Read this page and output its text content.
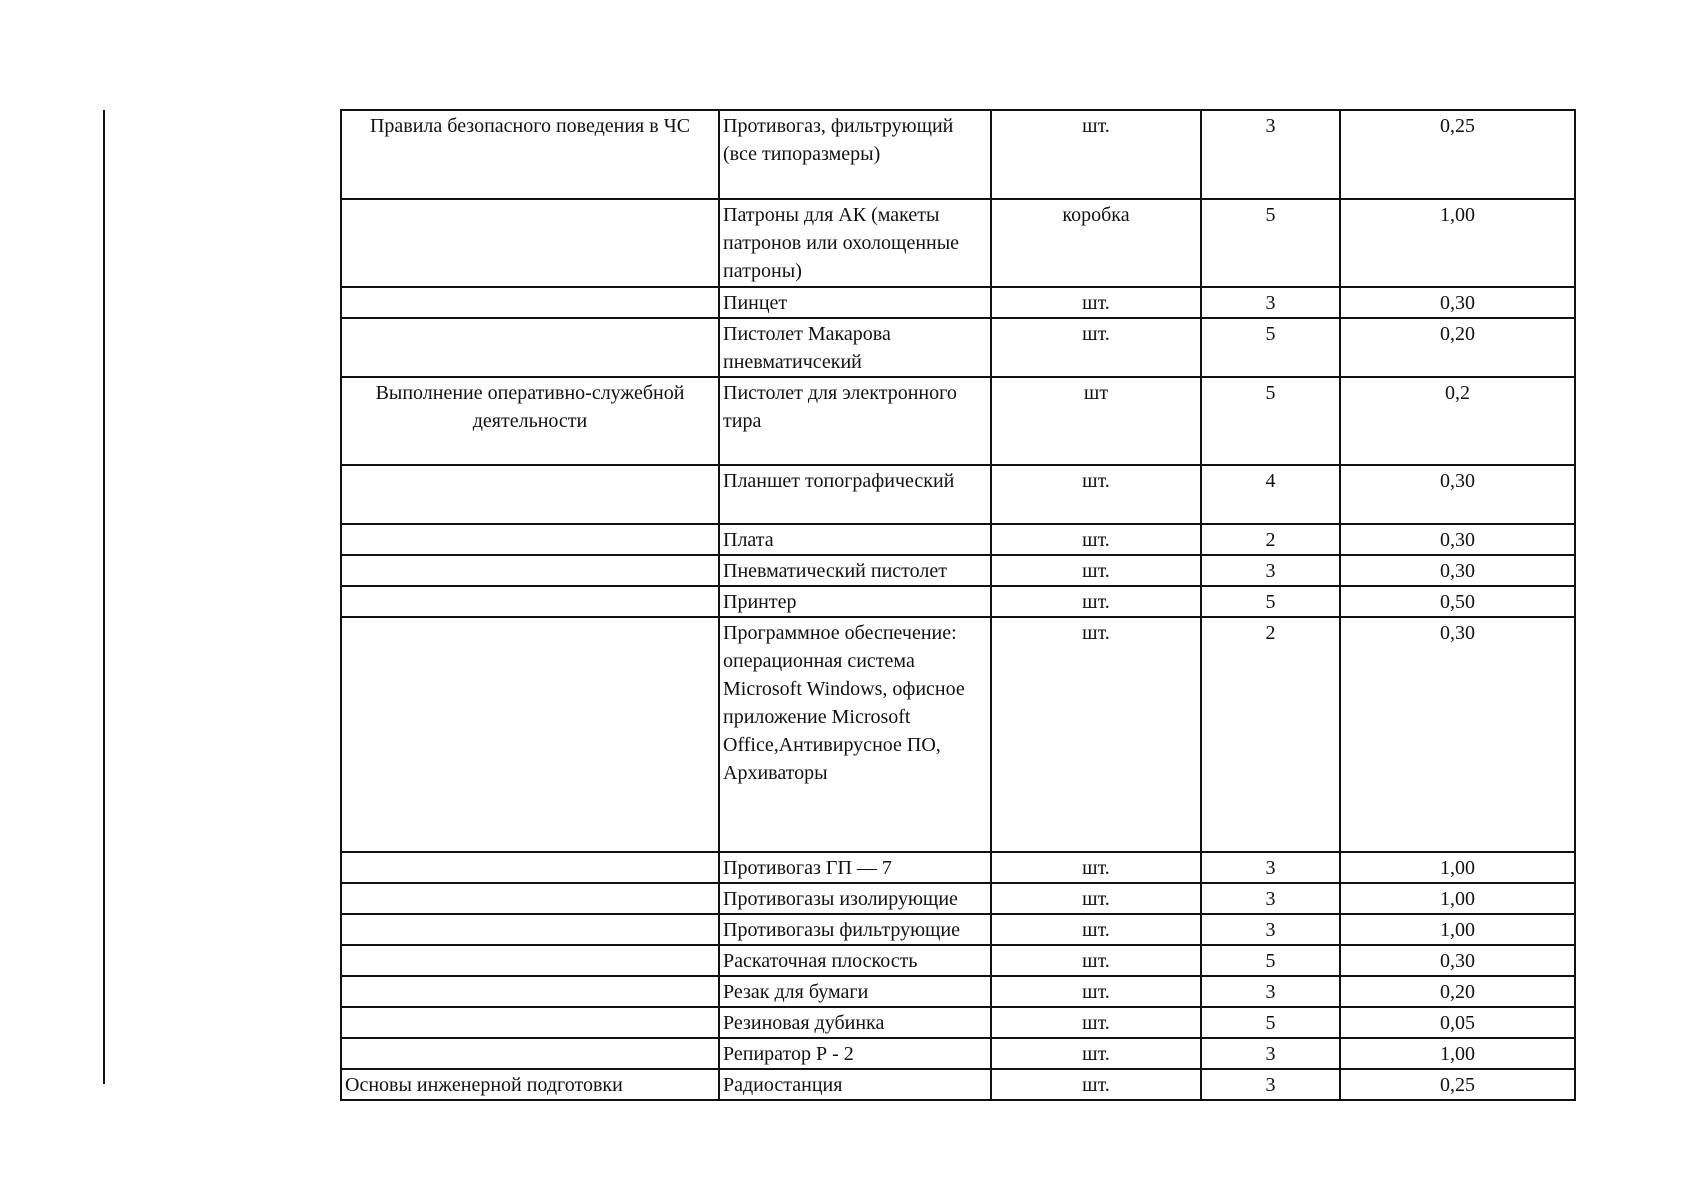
Правила безопасного поведения в ЧС	Противогаз, фильтрующий (все типоразмеры)	шт.	3	0,25
	Патроны для АК (макеты патронов или охолощенные патроны)	коробка	5	1,00
	Пинцет	шт.	3	0,30
	Пистолет Макарова пневматичсекий	шт.	5	0,20
Выполнение оперативно-служебной деятельности	Пистолет для электронного тира	шт	5	0,2
	Планшет топографический	шт.	4	0,30
	Плата	шт.	2	0,30
	Пневматический пистолет	шт.	3	0,30
	Принтер	шт.	5	0,50
	Программное обеспечение: операционная система Microsoft Windows, офисное приложение Microsoft Office,Антивирусное ПО, Архиваторы	шт.	2	0,30
	Противогаз ГП — 7	шт.	3	1,00
	Противогазы изолирующие	шт.	3	1,00
	Противогазы фильтрующие	шт.	3	1,00
	Раскаточная плоскость	шт.	5	0,30
	Резак для бумаги	шт.	3	0,20
	Резиновая дубинка	шт.	5	0,05
	Репиратор Р - 2	шт.	3	1,00
Основы инженерной подготовки	Радиостанция	шт.	3	0,25
